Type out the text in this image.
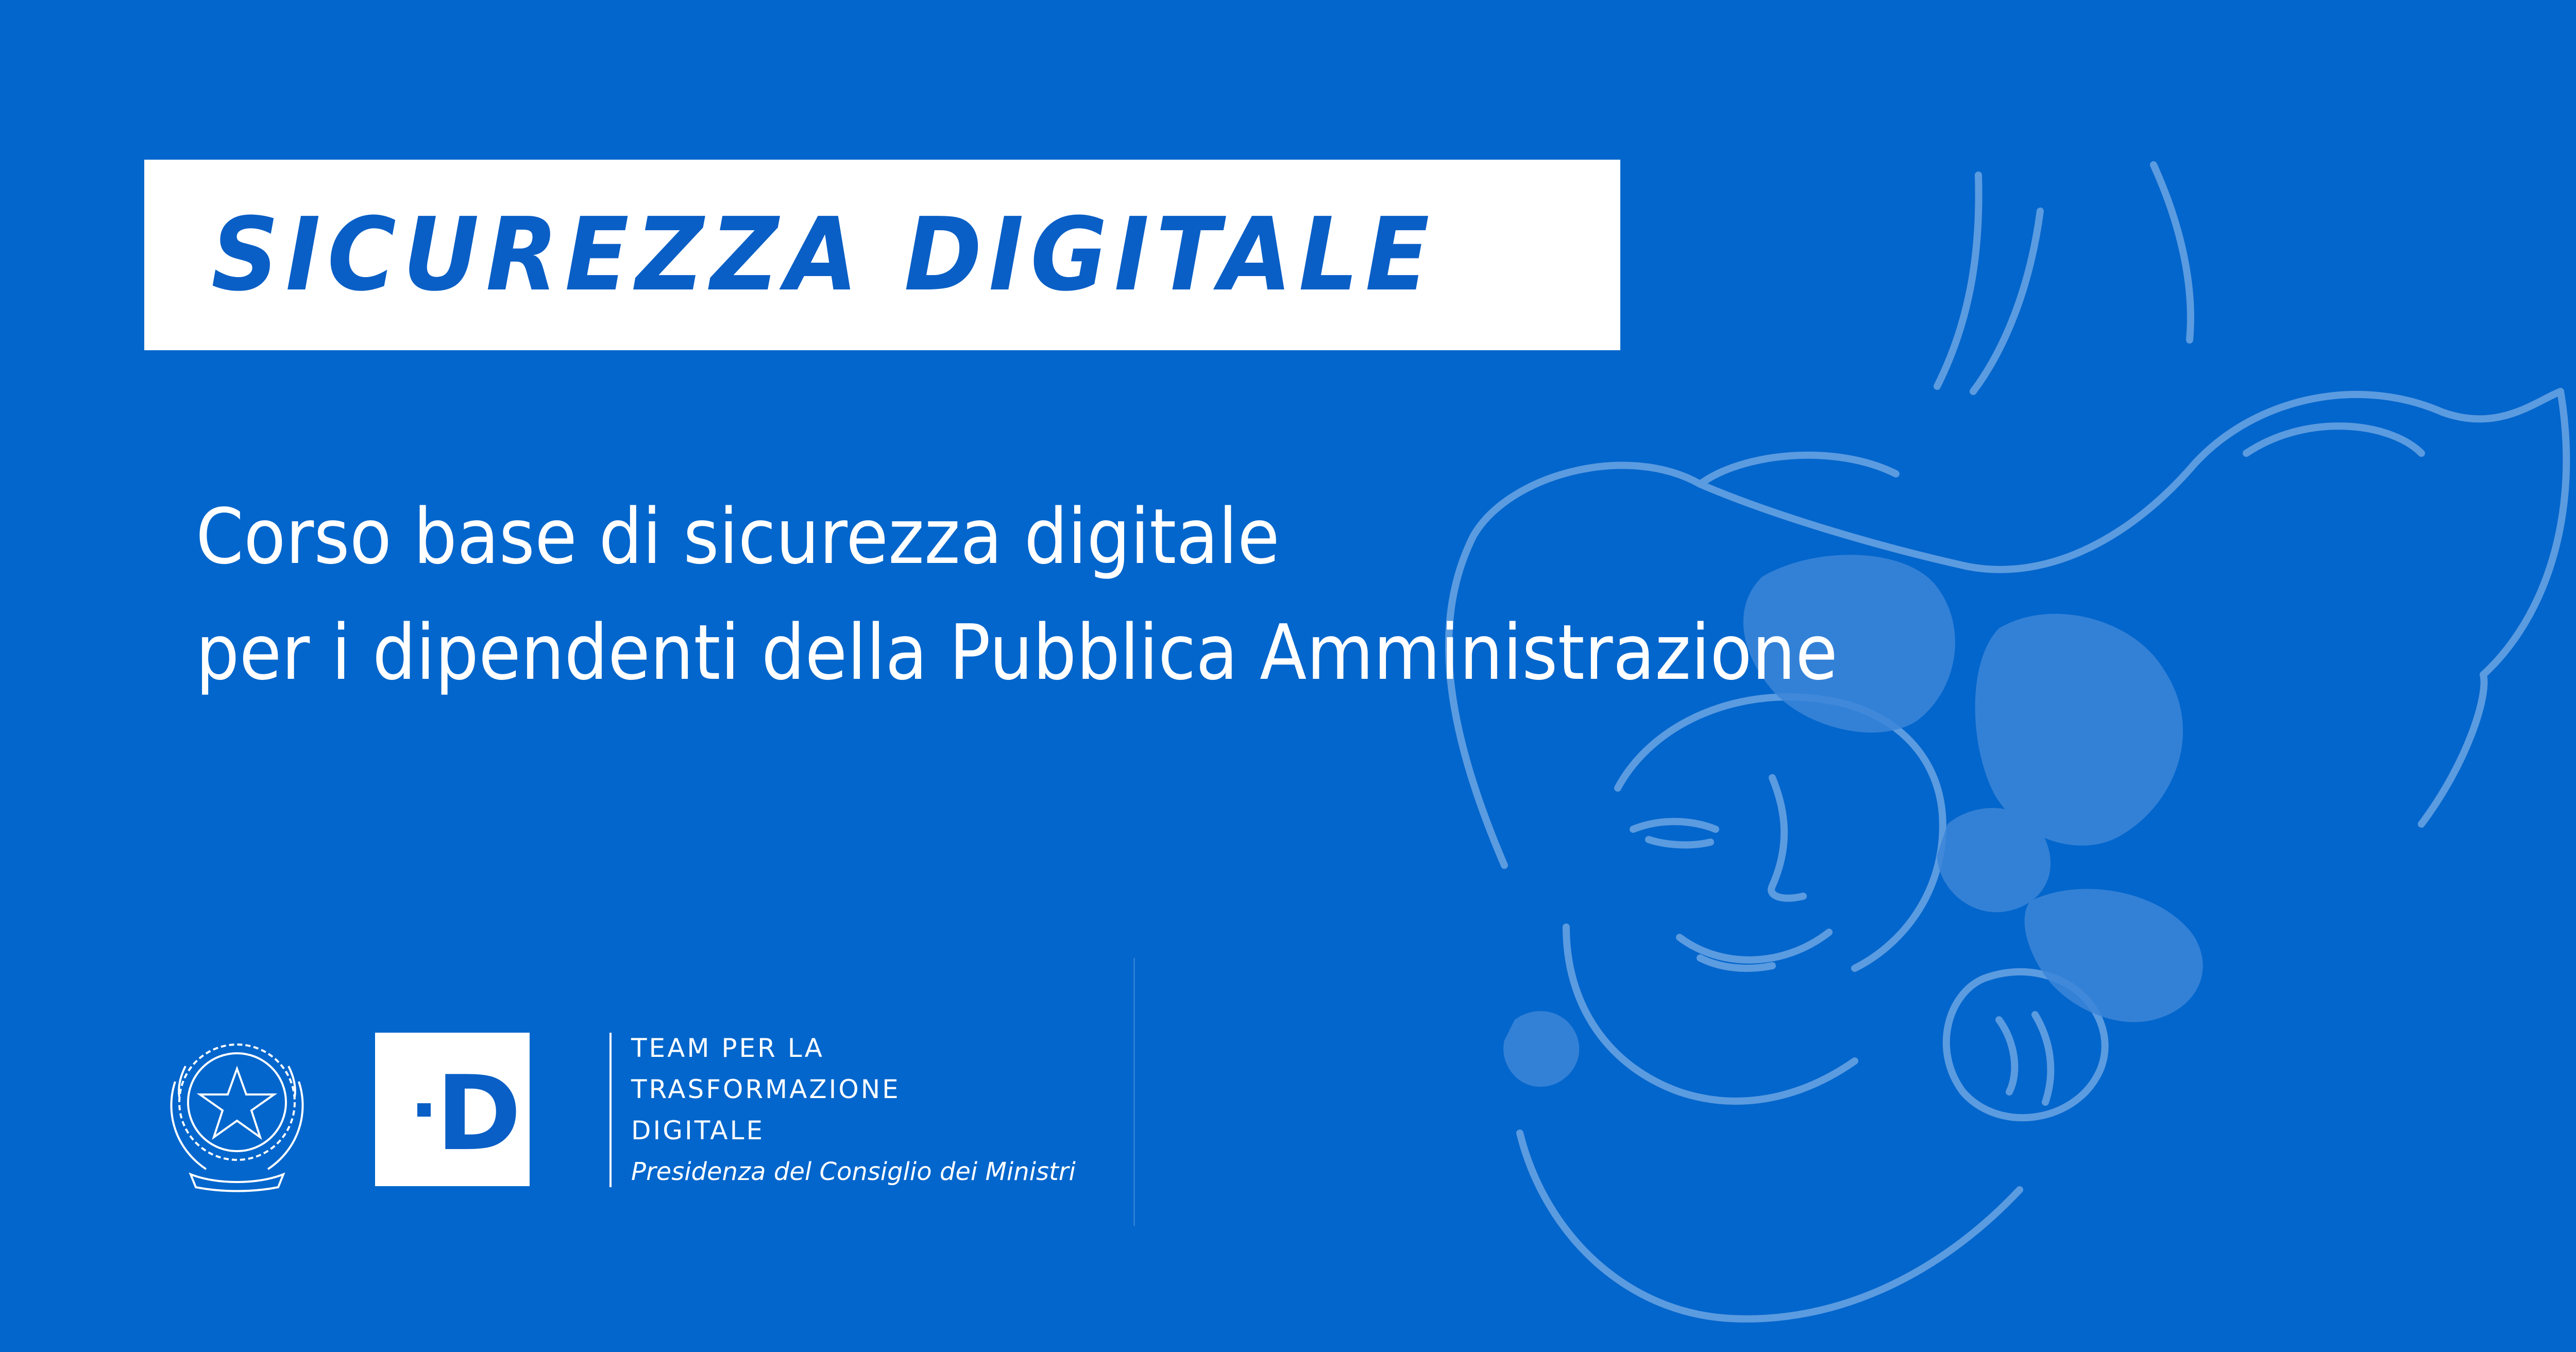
SICUREZZA DIGITALE
Corso base di sicurezza digitale
per i dipendenti della Pubblica Amministrazione
D
TEAM PER LA
TRASFORMAZIONE
DIGITALE
Presidenza del Consiglio dei Ministri
